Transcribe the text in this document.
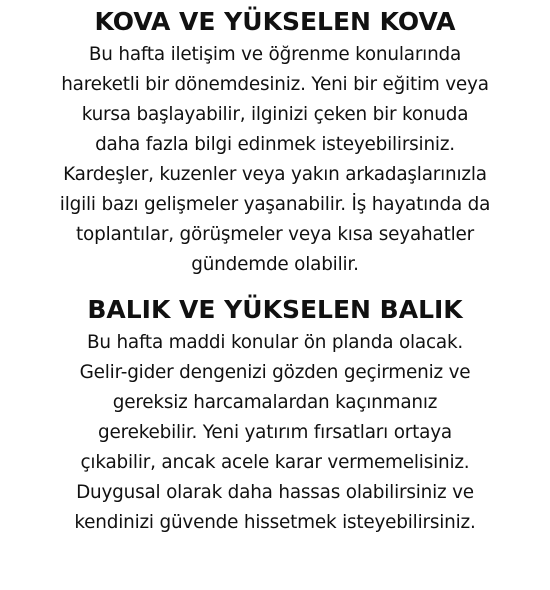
KOVA VE YÜKSELEN KOVA

Bu hafta iletişim ve öğrenme konularında
hareketli bir dönemdesiniz. Yeni bir eğitim veya
kursa başlayabilir, ilginizi çeken bir konuda
daha fazla bilgi edinmek isteyebilirsiniz.
Kardeşler, kuzenler veya yakın arkadaşlarınızla
ilgili bazı gelişmeler yaşanabilir. İş hayatında da
toplantılar, görüşmeler veya kısa seyahatler
gündemde olabilir.

BALIK VE YÜKSELEN BALIK

Bu hafta maddi konular ön planda olacak.
Gelir-gider dengenizi gözden geçirmeniz ve
gereksiz harcamalardan kaçınmanız
gerekebilir. Yeni yatırım fırsatları ortaya
çıkabilir, ancak acele karar vermemelisiniz.
Duygusal olarak daha hassas olabilirsiniz ve
kendinizi güvende hissetmek isteyebilirsiniz.
